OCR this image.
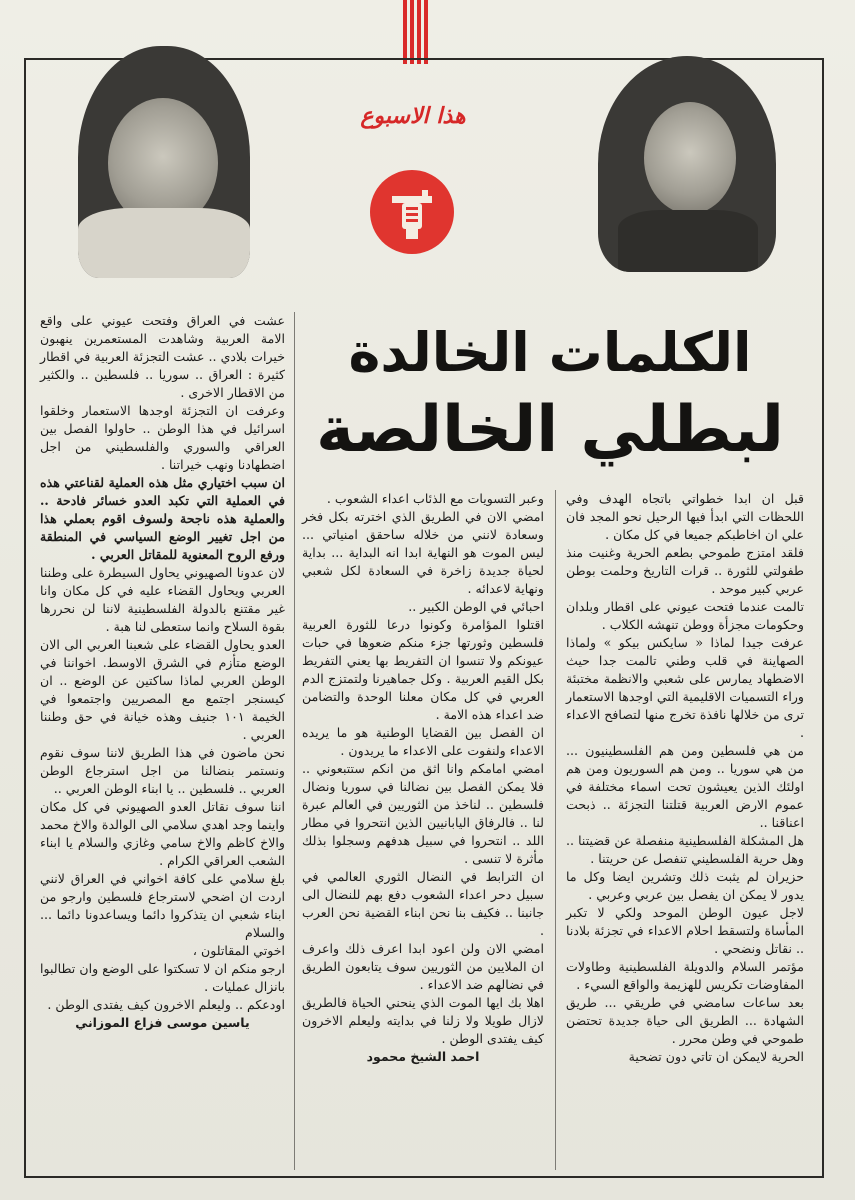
هذا الاسبوع

الكلمات الخالدة

لبطلي الخالصة

قبل ان ابدا خطواتي باتجاه الهدف وفي اللحظات التي ابدأ فيها الرحيل نحو المجد فان علي ان اخاطبكم جميعا في كل مكان .

فلقد امتزج طموحي بطعم الحرية وغنيت منذ طفولتي للثورة .. قرات التاريخ وحلمت بوطن عربي كبير موحد .

تالمت عندما فتحت عيوني على اقطار وبلدان وحكومات مجزأة ووطن تنهشه الكلاب .

عرفت جيدا لماذا « سايكس بيكو » ولماذا الصهاينة في قلب وطني تالمت جدا حيث الاضطهاد يمارس على شعبي والانظمة مختبئة وراء التسميات الاقليمية التي اوجدها الاستعمار ترى من خلالها نافذة تخرج منها لتصافح الاعداء .

من هي فلسطين ومن هم الفلسطينيون ... من هي سوريا .. ومن هم السوريون ومن هم اولئك الذين يعيشون تحت اسماء مختلفة في عموم الارض العربية قتلتنا التجزئة .. ذبحت اعناقنا ..

هل المشكلة الفلسطينية منفصلة عن قضيتنا .. وهل حرية الفلسطيني تنفصل عن حريتنا .

حزيران لم يثبت ذلك وتشرين ايضا وكل ما يدور لا يمكن ان يفصل بين عربي وعربي .

لاجل عيون الوطن الموحد ولكي لا تكبر المأساة ولتسقط احلام الاعداء في تجزئة بلادنا .. نقاتل ونضحي .

مؤتمر السلام والدويلة الفلسطينية وطاولات المفاوضات تكريس للهزيمة والواقع السيء .

بعد ساعات سامضي في طريقي ... طريق الشهادة ... الطريق الى حياة جديدة تحتضن طموحي في وطن محرر .

الحرية لايمكن ان تاتي دون تضحية

وعبر التسويات مع الذئاب اعداء الشعوب .

امضي الان في الطريق الذي اخترته بكل فخر وسعادة لانني من خلاله ساحقق امنياتي ... ليس الموت هو النهاية ابدا انه البداية ... بداية لحياة جديدة زاخرة في السعادة لكل شعبي ونهاية لاعدائه .

احبائي في الوطن الكبير ..

اقتلوا المؤامرة وكونوا درعا للثورة العربية فلسطين وثورتها جزء منكم ضعوها في حبات عيونكم ولا تنسوا ان التفريط بها يعني التفريط بكل القيم العربية . وكل جماهيرنا ولتمتزج الدم العربي في كل مكان معلنا الوحدة والتضامن ضد اعداء هذه الامة .

ان الفصل بين القضايا الوطنية هو ما يريده الاعداء ولنفوت على الاعداء ما يريدون .

امضي امامكم وانا اثق من انكم ستتبعوني .. فلا يمكن الفصل بين نضالنا في سوريا ونضال فلسطين .. لناخذ من الثوريين في العالم عبرة لنا .. فالرفاق اليابانيين الذين انتحروا في مطار اللد .. انتحروا في سبيل هدفهم وسجلوا بذلك مأثرة لا تنسى .

ان الترابط في النضال الثوري العالمي في سبيل دحر اعداء الشعوب دفع بهم للنضال الى جانبنا .. فكيف بنا نحن ابناء القضية نحن العرب .

امضي الان ولن اعود ابدا اعرف ذلك واعرف ان الملايين من الثوريين سوف يتابعون الطريق في نضالهم ضد الاعداء .

اهلا بك ايها الموت الذي ينحني الحياة فالطريق لازال طويلا ولا زلنا في بدايته وليعلم الاخرون كيف يفتدى الوطن .

احمد الشيخ محمود

عشت في العراق وفتحت عيوني على واقع الامة العربية وشاهدت المستعمرين ينهبون خيرات بلادي .. عشت التجزئة العربية في اقطار كثيرة : العراق .. سوريا .. فلسطين .. والكثير من الاقطار الاخرى .

وعرفت ان التجزئة اوجدها الاستعمار وخلقوا اسرائيل في هذا الوطن .. حاولوا الفصل بين العراقي والسوري والفلسطيني من اجل اضطهادنا ونهب خيراتنا .

ان سبب اختياري مثل هذه العملية لقناعتي هذه في العملية التي تكبد العدو خسائر فادحة .. والعملية هذه ناجحة ولسوف اقوم بعملي هذا من اجل تغيير الوضع السياسي في المنطقة ورفع الروح المعنوية للمقاتل العربي .

لان عدونا الصهيوني يحاول السيطرة على وطننا العربي ويحاول القضاء عليه في كل مكان وانا غير مقتنع بالدولة الفلسطينية لاننا لن نحررها بقوة السلاح وانما ستعطى لنا هبة .

العدو يحاول القضاء على شعبنا العربي الى الان الوضع متأزم في الشرق الاوسط. اخواننا في الوطن العربي لماذا ساكتين عن الوضع .. ان كيسنجر اجتمع مع المصريين واجتمعوا في الخيمة ١٠١ جنيف وهذه خيانة في حق وطننا العربي .

نحن ماضون في هذا الطريق لاننا سوف نقوم ونستمر بنضالنا من اجل استرجاع الوطن العربي .. فلسطين .. يا ابناء الوطن العربي ..

اننا سوف نقاتل العدو الصهيوني في كل مكان واينما وجد اهدي سلامي الى الوالدة والاخ محمد والاخ كاظم والاخ سامي وغازي والسلام يا ابناء الشعب العراقي الكرام .

بلغ سلامي على كافة اخواني في العراق لانني اردت ان اضحي لاسترجاع فلسطين وارجو من ابناء شعبي ان يتذكروا دائما ويساعدونا دائما ... والسلام

اخوتي المقاتلون ،

ارجو منكم ان لا تسكتوا على الوضع وان تطالبوا بانزال عمليات .

اودعكم .. وليعلم الاخرون كيف يفتدى الوطن .

ياسين موسى فزاع الموزاني
